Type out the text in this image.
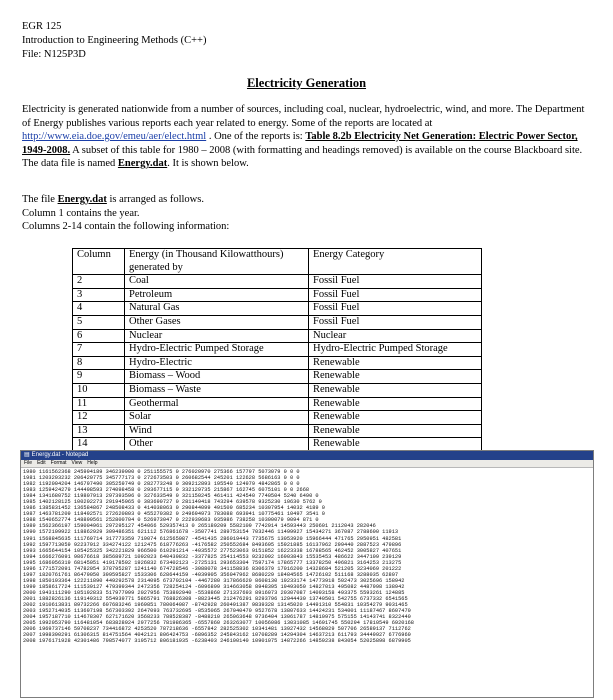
EGR 125
Introduction to Engineering Methods (C++)
File: N125P3D
Electricity Generation
Electricity is generated nationwide from a number of sources, including coal, nuclear, hydroelectric, wind, and more. The Department of Energy publishes various reports each year related to energy. Some of the reports are located at http://www.eia.doe.gov/emeu/aer/elect.html . One of the reports is: Table 8.2b Electricity Net Generation: Electric Power Sector, 1949-2008. A subset of this table for 1980 – 2008 (with formatting and headings removed) is available on the course Blackboard site. The data file is named Energy.dat. It is shown below.
The file Energy.dat is arranged as follows.
Column 1 contains the year.
Columns 2-14 contain the following information:
Column	Energy (in Thousand Kilowatthours) generated by	Energy Category
2	Coal	Fossil Fuel
3	Petroleum	Fossil Fuel
4	Natural Gas	Fossil Fuel
5	Other Gases	Fossil Fuel
6	Nuclear	Nuclear
7	Hydro-Electric Pumped Storage	Hydro-Electric Pumped Storage
8	Hydro-Electric	Renewable
9	Biomass – Wood	Renewable
10	Biomass – Waste	Renewable
11	Geothermal	Renewable
12	Solar	Renewable
13	Wind	Renewable
14	Other	Renewable
▤ Energy.dat - Notepad
File Edit Format View Help
1980 1161562368 245994189 346239900 0 251155575 0 276020970 275366 157797 5073079 0 0 0
1981 1203203232 206420775 345777173 0 272673503 0 260682544 245201 122628 5686163 0 0 0
1982 1192004204 146797490 305259749 0 282773248 0 309212893 195540 124979 4842865 0 0 0
1983 1259424279 144498593 274098458 0 293677115 0 332129735 215867 162745 6075101 0 0 2668
1984 1341680752 119807913 297393596 0 327633549 0 321150245 461411 424540 7740504 5240 6490 0
1985 1402128125 100202273 291945965 0 383690727 0 281149418 743294 639578 9325230 10630 5762 0
1986 1385831452 136584867 248508433 0 414038063 0 290844099 491509 685234 10307954 14032 4189 0
1987 1463781209 118492571 272620803 0 455270382 0 249694973 783088 693941 10775461 10497 3541 0
1988 1540652774 148899561 252800704 0 526973047 0 222939683 935986 738258 10300079 9094 871 0
1989 1562366197 159004961 297295127 454066 529357413 0 265189209 5582109 7742914 14593443 250601 2112043 282046
1990 1572109922 118862929 309486351 621112 576861678 -3507741 289753154 7032446 11499927 15434271 367087 2788600 11913
1991 1568845635 111769714 317773359 719074 612565087 -4541435 286019443 7735675 13053920 15966444 471765 2950951 482581
1992 1597713059 92237912 334274122 1212475 618776263 -4176582 250552684 8493695 15921885 16137962 299440 2887523 479896
1993 1665644154 105425325 342221829 966500 610291214 -4035572 277523063 9151852 16223338 16788565 462452 3005827 407651
1994 1666276091 98676618 385689721 1092023 640439832 -3377825 254114553 9232092 16903843 15535453 486622 3447109 239129
1995 1686056319 68145051 419178592 1926832 673402123 -2725131 293653304 7597174 17865777 13378250 496821 3164253 213275
1996 1771572091 74782054 378795287 1241140 674728546 -3088078 341158836 8306379 17016200 14328684 521205 3234069 201222
1997 1820761761 86479050 399595827 1533306 628644159 -4039905 356047962 8680229 18484565 14726102 511168 3288035 62807
1998 1850193364 122211890 449292578 2314095 673702104 -4467280 317866620 8608130 19233174 14773918 502473 3025696 158942
1999 1858617724 111539127 479399344 2472356 728254124 -6096899 314663058 8948395 19493050 14827013 495082 4487998 138942
2000 1943111290 105192833 517977999 2027956 753892940 -5538860 271337693 8916073 20307087 14093158 493375 5593261 124885
2001 1882826136 119149312 554939771 5865791 768826308 -8823445 212476291 8293796 12944430 13740501 542755 6737332 6541565
2002 1910613831 89732266 607683246 1969851 780064087 -8742928 260491387 9839328 13145020 14491310 554831 10354279 9031465
2003 1952714035 113697198 567303392 2647093 763732695 -8535065 267040470 9527678 13807633 14424231 534001 11187467 8607470
2004 1957187710 114678307 627171620 3568233 788528387 -8488210 265063648 9736404 13061787 14810975 575155 14143741 8322440
2005 1992053790 116481054 683828924 2977256 781986365 -6557860 263263077 10056086 13031085 14691745 550294 17810549 6920168
2006 1969737146 59708237 734416872 4253520 787218636 -6557842 282525302 10341481 13927432 14568029 507706 26589137 7112762
2007 1998390291 61306315 814751564 4042121 806424753 -6896352 245843162 10708289 14294304 14637213 611793 34449927 6776960
2008 1976171928 42301486 798574077 3195712 806181935 -6238403 246100140 10901075 14872266 14859238 843054 52025898 6879905
